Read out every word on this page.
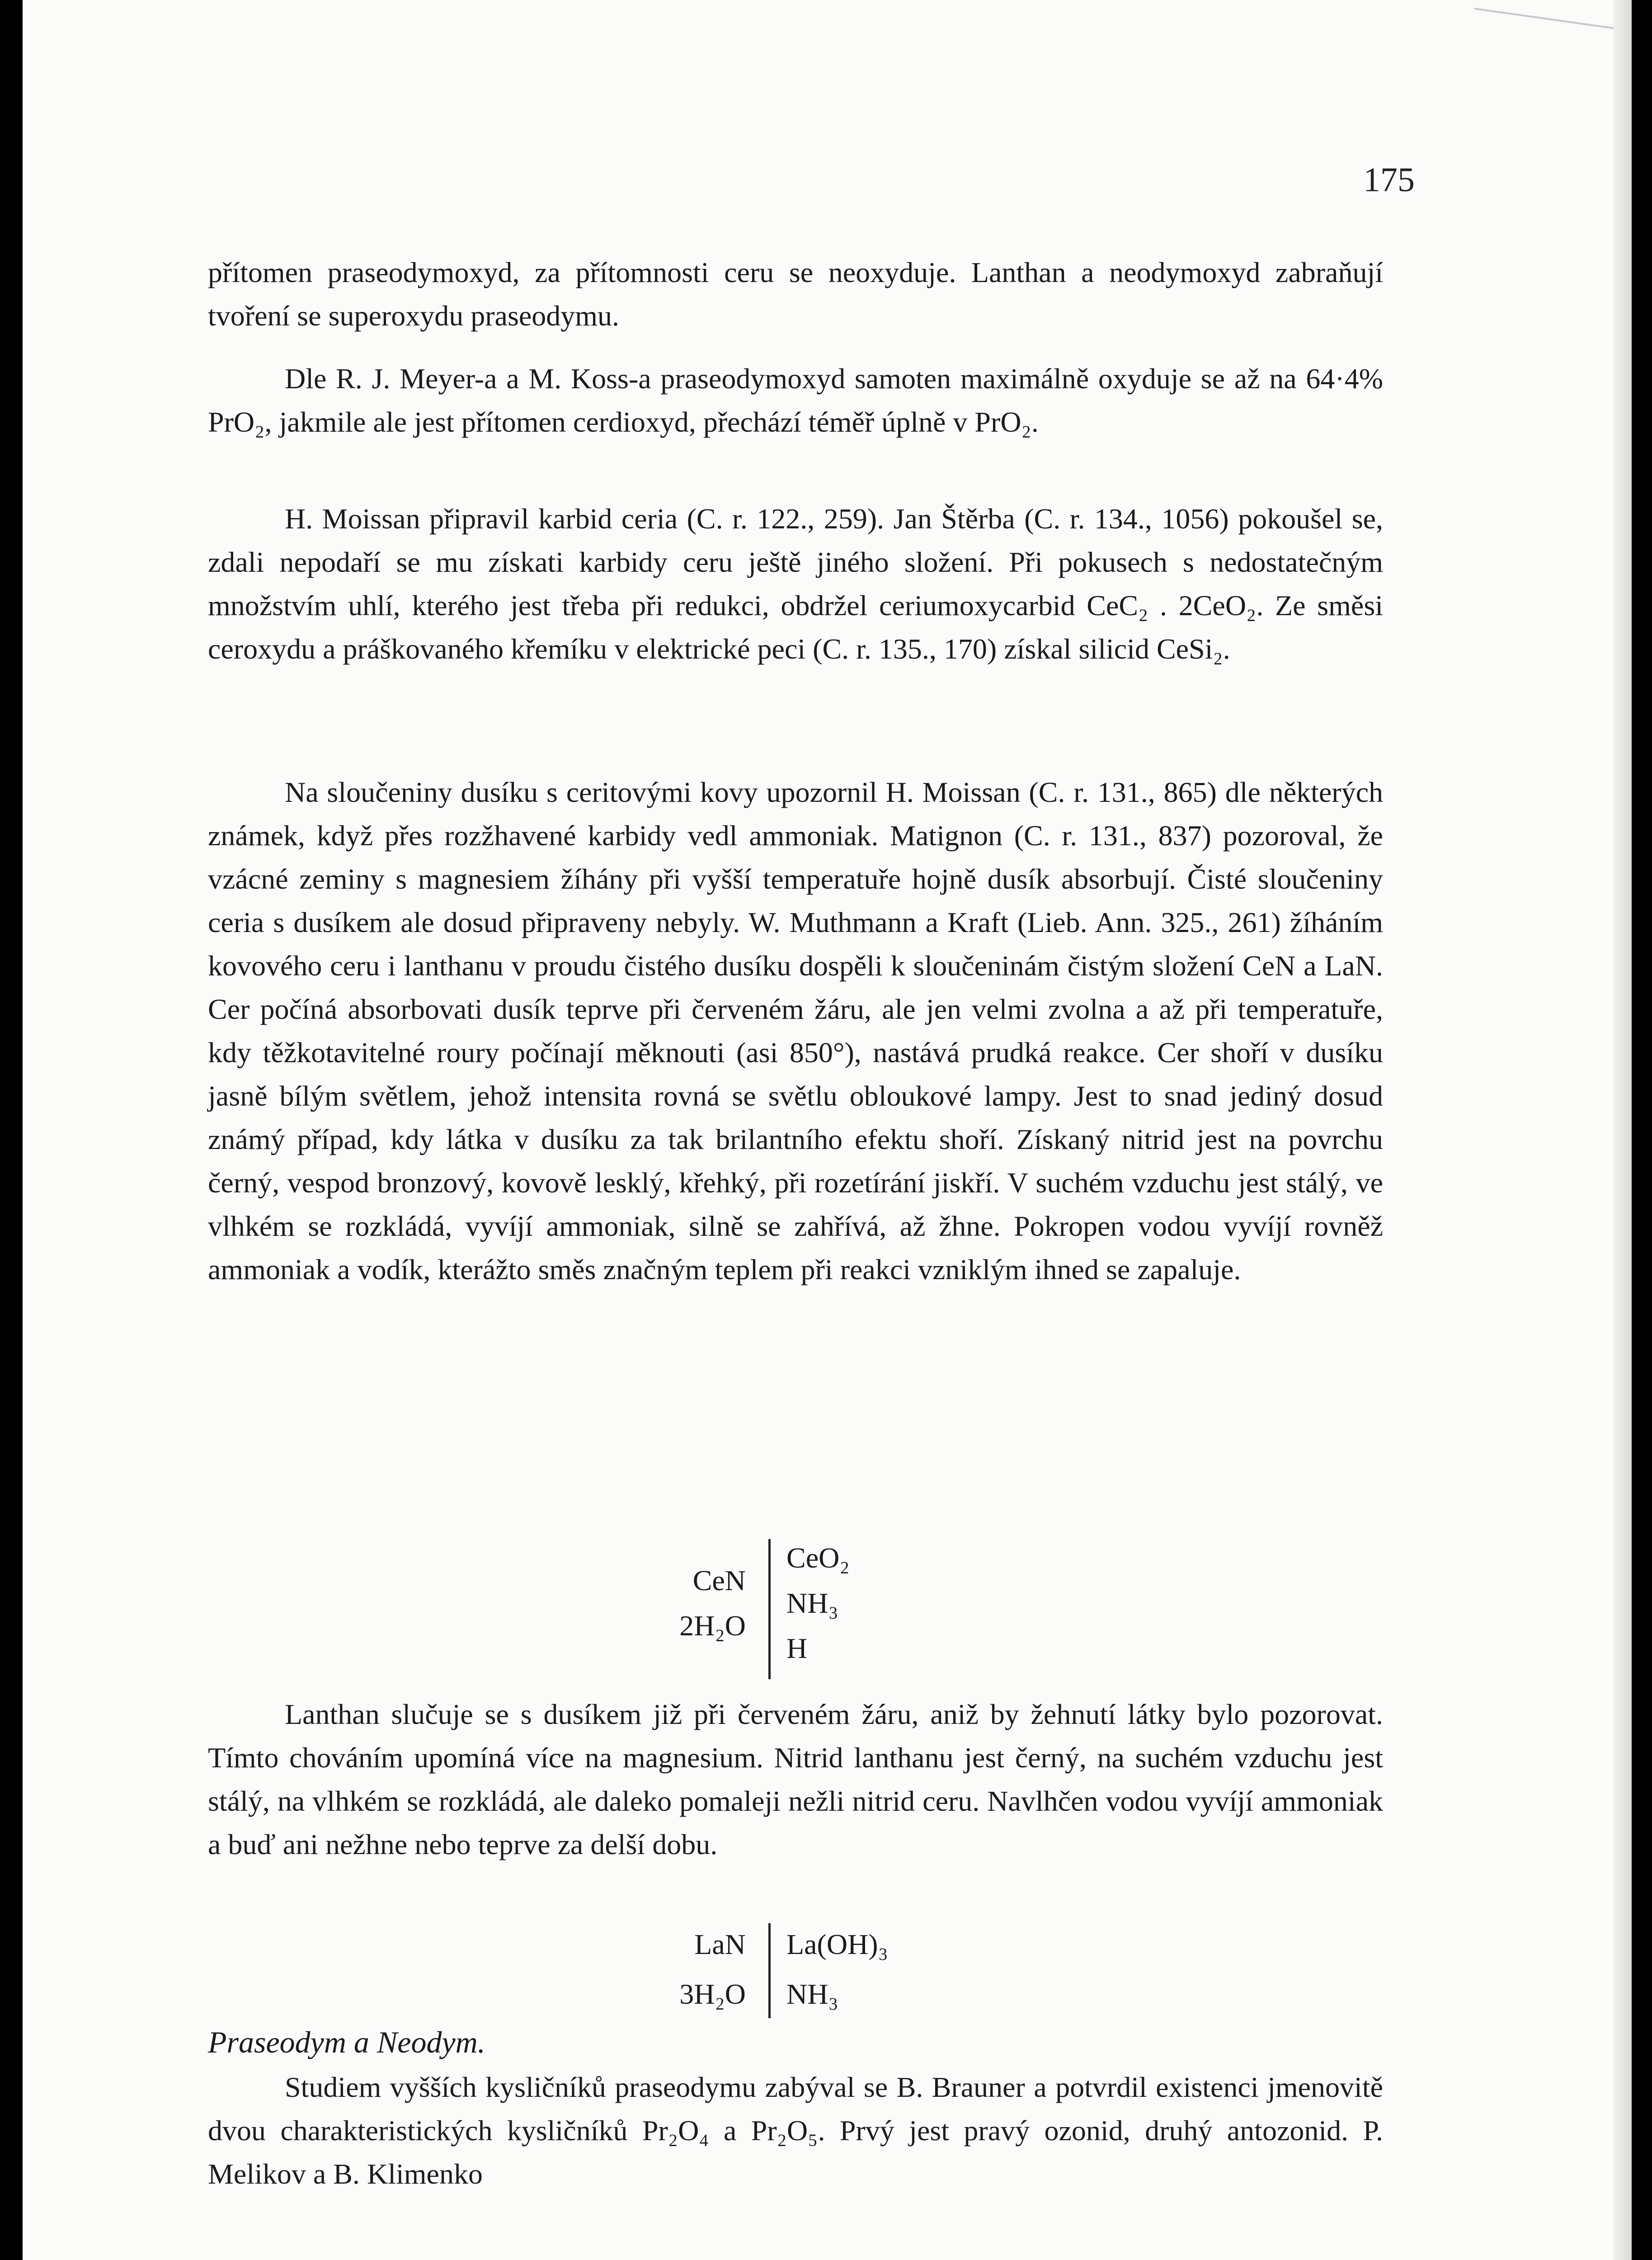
175
přítomen praseodymoxyd, za přítomnosti ceru se neoxyduje. Lanthan a neodymoxyd zabraňují tvoření se superoxydu praseodymu.
Dle R. J. Meyer-a a M. Koss-a praseodymoxyd samoten maximálně oxyduje se až na 64·4% PrO₂, jakmile ale jest přítomen cerdioxyd, přechází téměř úplně v PrO₂.
H. Moissan připravil karbid ceria (C. r. 122., 259). Jan Štěrba (C. r. 134., 1056) pokoušel se, zdali nepodaří se mu získati karbidy ceru ještě jiného složení. Při pokusech s nedostatečným množstvím uhlí, kterého jest třeba při redukci, obdržel ceriumoxycarbid CeC₂ . 2CeO₂. Ze směsi ceroxydu a práškovaného křemíku v elektrické peci (C. r. 135., 170) získal silicid CeSi₂.
Na sloučeniny dusíku s ceritovými kovy upozornil H. Moissan (C. r. 131., 865) dle některých známek, když přes rozžhavené karbidy vedl ammoniak. Matignon (C. r. 131., 837) pozoroval, že vzácné zeminy s magnesiem žíhány při vyšší temperatuře hojně dusík absorbují. Čisté sloučeniny ceria s dusíkem ale dosud připraveny nebyly. W. Muthmann a Kraft (Lieb. Ann. 325., 261) žíháním kovového ceru i lanthanu v proudu čistého dusíku dospěli k sloučeninám čistým složení CeN a LaN. Cer počíná absorbovati dusík teprve při červeném žáru, ale jen velmi zvolna a až při temperatuře, kdy těžkotavitelné roury počínají měknouti (asi 850°), nastává prudká reakce. Cer shoří v dusíku jasně bílým světlem, jehož intensita rovná se světlu obloukové lampy. Jest to snad jediný dosud známý případ, kdy látka v dusíku za tak brilantního efektu shoří. Získaný nitrid jest na povrchu černý, vespod bronzový, kovově lesklý, křehký, při rozetírání jiskří. V suchém vzduchu jest stálý, ve vlhkém se rozkládá, vyvíjí ammoniak, silně se zahřívá, až žhne. Pokropen vodou vyvíjí rovněž ammoniak a vodík, kterážto směs značným teplem při reakci vzniklým ihned se zapaluje.
CeN
2H₂O
CeO₂
NH₃
H
Lanthan slučuje se s dusíkem již při červeném žáru, aniž by žehnutí látky bylo pozorovat. Tímto chováním upomíná více na magnesium. Nitrid lanthanu jest černý, na suchém vzduchu jest stálý, na vlhkém se rozkládá, ale daleko pomaleji nežli nitrid ceru. Navlhčen vodou vyvíjí ammoniak a buď ani nežhne nebo teprve za delší dobu.
LaN
3H₂O
La(OH)₃
NH₃
Praseodym a Neodym.
Studiem vyšších kysličníků praseodymu zabýval se B. Brauner a potvrdil existenci jmenovitě dvou charakteristických kysličníků Pr₂O₄ a Pr₂O₅. Prvý jest pravý ozonid, druhý antozonid. P. Melikov a B. Klimenko
